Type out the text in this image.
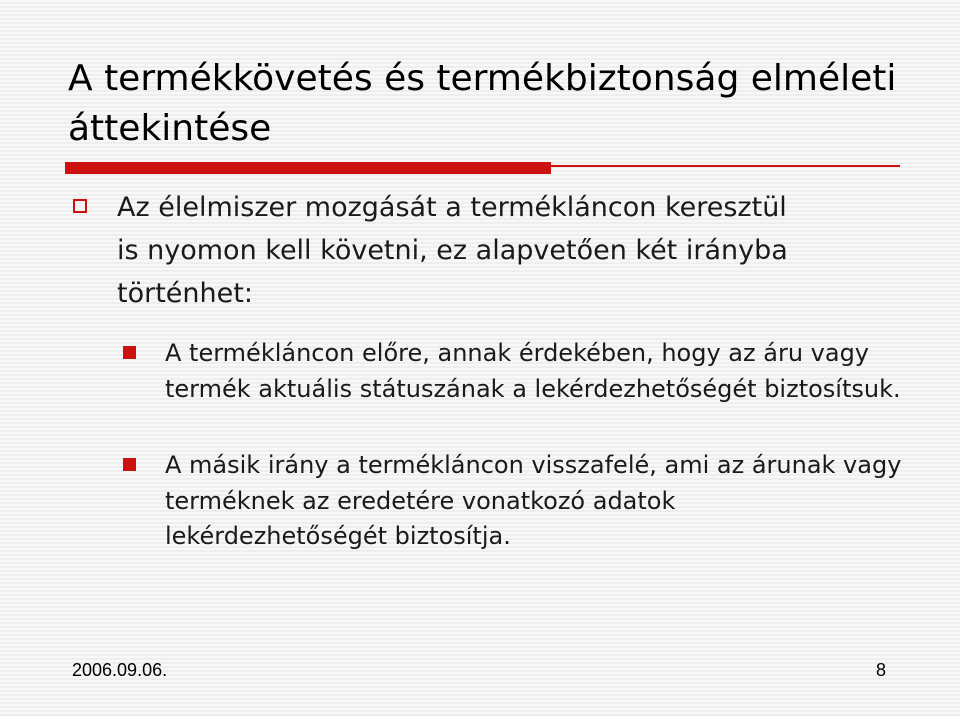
A termékkövetés és termékbiztonság elméleti áttekintése

Az élelmiszer mozgását a termékláncon keresztül is nyomon kell követni, ez alapvetően két irányba történhet:

A termékláncon előre, annak érdekében, hogy az áru vagy termék aktuális státuszának a lekérdezhetőségét biztosítsuk.

A másik irány a termékláncon visszafelé, ami az árunak vagy terméknek az eredetére vonatkozó adatok lekérdezhetőségét biztosítja.

2006.09.06.	8
